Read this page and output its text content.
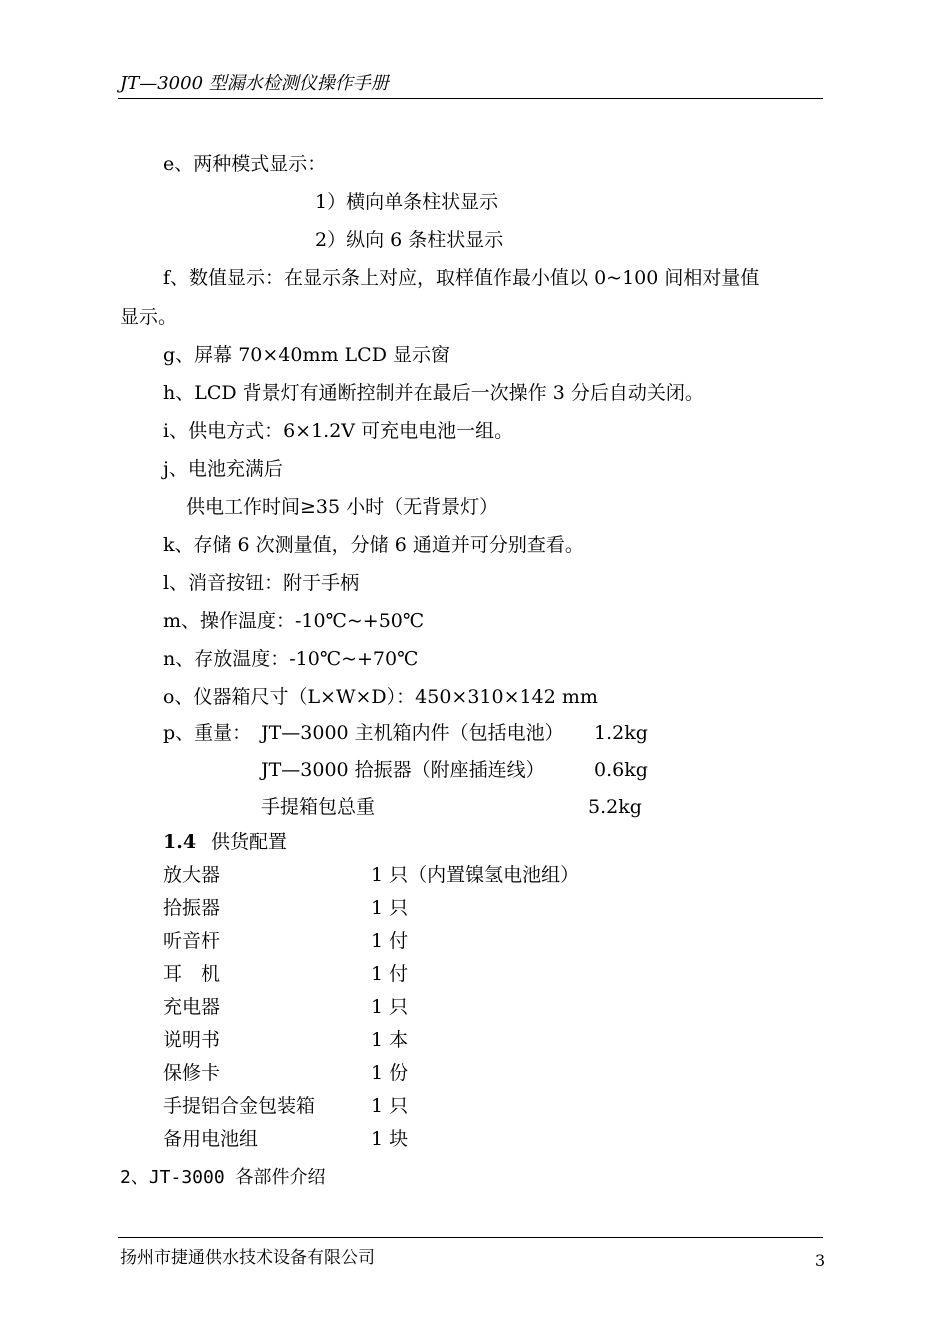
JT—3000 型漏水检测仪操作手册
e、两种模式显示：
1）横向单条柱状显示
2）纵向 6 条柱状显示
f、数值显示：在显示条上对应，取样值作最小值以 0~100 间相对量值
显示。
g、屏幕 70×40mm LCD 显示窗
h、LCD 背景灯有通断控制并在最后一次操作 3 分后自动关闭。
i、供电方式：6×1.2V 可充电电池一组。
j、电池充满后
供电工作时间≥35 小时（无背景灯）
k、存储 6 次测量值，分储 6 通道并可分别查看。
l、消音按钮：附于手柄
m、操作温度：-10℃~+50℃
n、存放温度：-10℃~+70℃
o、仪器箱尺寸（L×W×D）：450×310×142 mm
p、重量： JT—3000 主机箱内件（包括电池） 1.2kg
JT—3000 拾振器（附座插连线）	0.6kg
手提箱包总重	5.2kg
1.4 供货配置
放大器	1 只（内置镍氢电池组）
拾振器	1 只
听音杆	1 付
耳　机	1 付
充电器	1 只
说明书	1 本
保修卡	1 份
手提铝合金包装箱	1 只
备用电池组	1 块
2、JT-3000 各部件介绍
扬州市捷通供水技术设备有限公司	3
